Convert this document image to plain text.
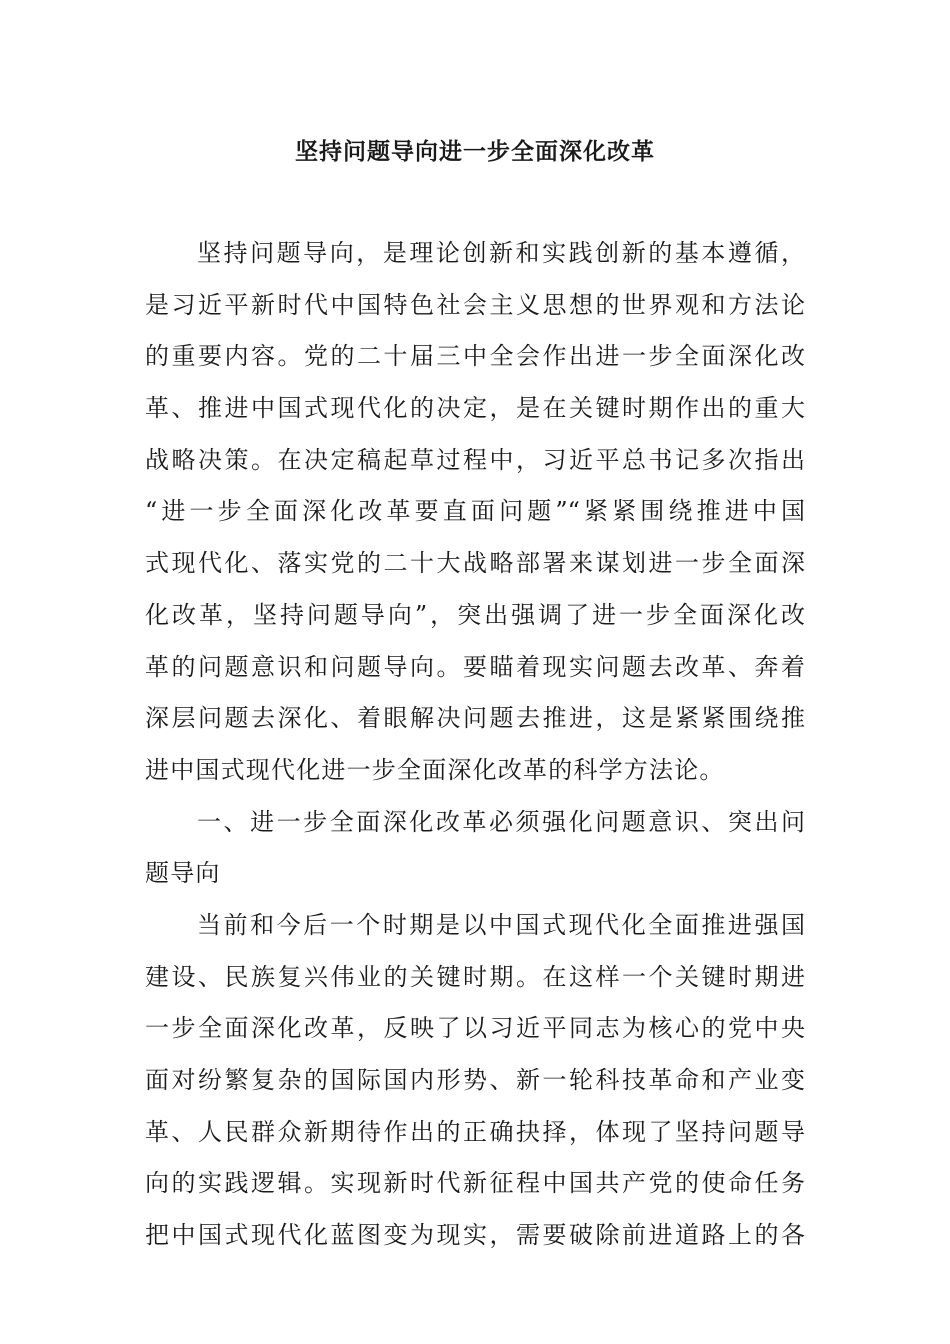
坚持问题导向进一步全面深化改革
坚持问题导向，是理论创新和实践创新的基本遵循，
是习近平新时代中国特色社会主义思想的世界观和方法论
的重要内容。党的二十届三中全会作出进一步全面深化改
革、推进中国式现代化的决定，是在关键时期作出的重大
战略决策。在决定稿起草过程中，习近平总书记多次指出
“进一步全面深化改革要直面问题”“紧紧围绕推进中国
式现代化、落实党的二十大战略部署来谋划进一步全面深
化改革，坚持问题导向”，突出强调了进一步全面深化改
革的问题意识和问题导向。要瞄着现实问题去改革、奔着
深层问题去深化、着眼解决问题去推进，这是紧紧围绕推
进中国式现代化进一步全面深化改革的科学方法论。
一、进一步全面深化改革必须强化问题意识、突出问
题导向
当前和今后一个时期是以中国式现代化全面推进强国
建设、民族复兴伟业的关键时期。在这样一个关键时期进
一步全面深化改革，反映了以习近平同志为核心的党中央
面对纷繁复杂的国际国内形势、新一轮科技革命和产业变
革、人民群众新期待作出的正确抉择，体现了坚持问题导
向的实践逻辑。实现新时代新征程中国共产党的使命任务
把中国式现代化蓝图变为现实，需要破除前进道路上的各
